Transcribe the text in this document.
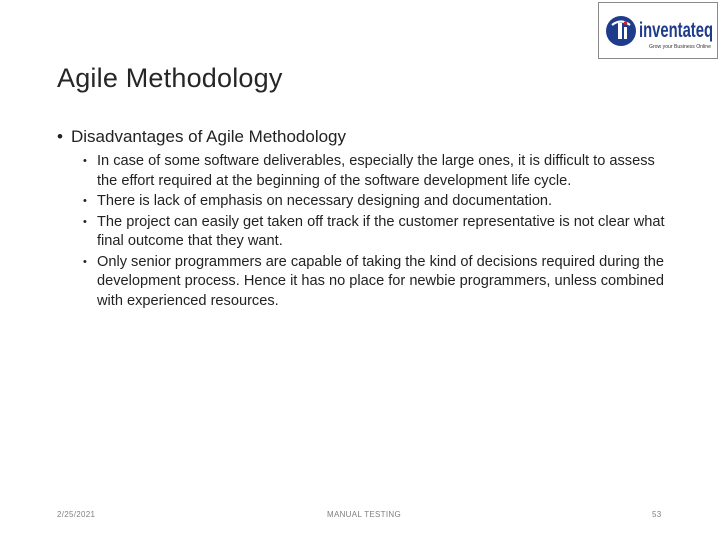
inventateq
Grow your Business Online
Agile Methodology
• Disadvantages of Agile Methodology
• In case of some software deliverables, especially the large ones, it is difficult to assess the effort required at the beginning of the software development life cycle.
• There is lack of emphasis on necessary designing and documentation.
• The project can easily get taken off track if the customer representative is not clear what final outcome that they want.
• Only senior programmers are capable of taking the kind of decisions required during the development process. Hence it has no place for newbie programmers, unless combined with experienced resources.
2/25/2021	MANUAL TESTING	53
